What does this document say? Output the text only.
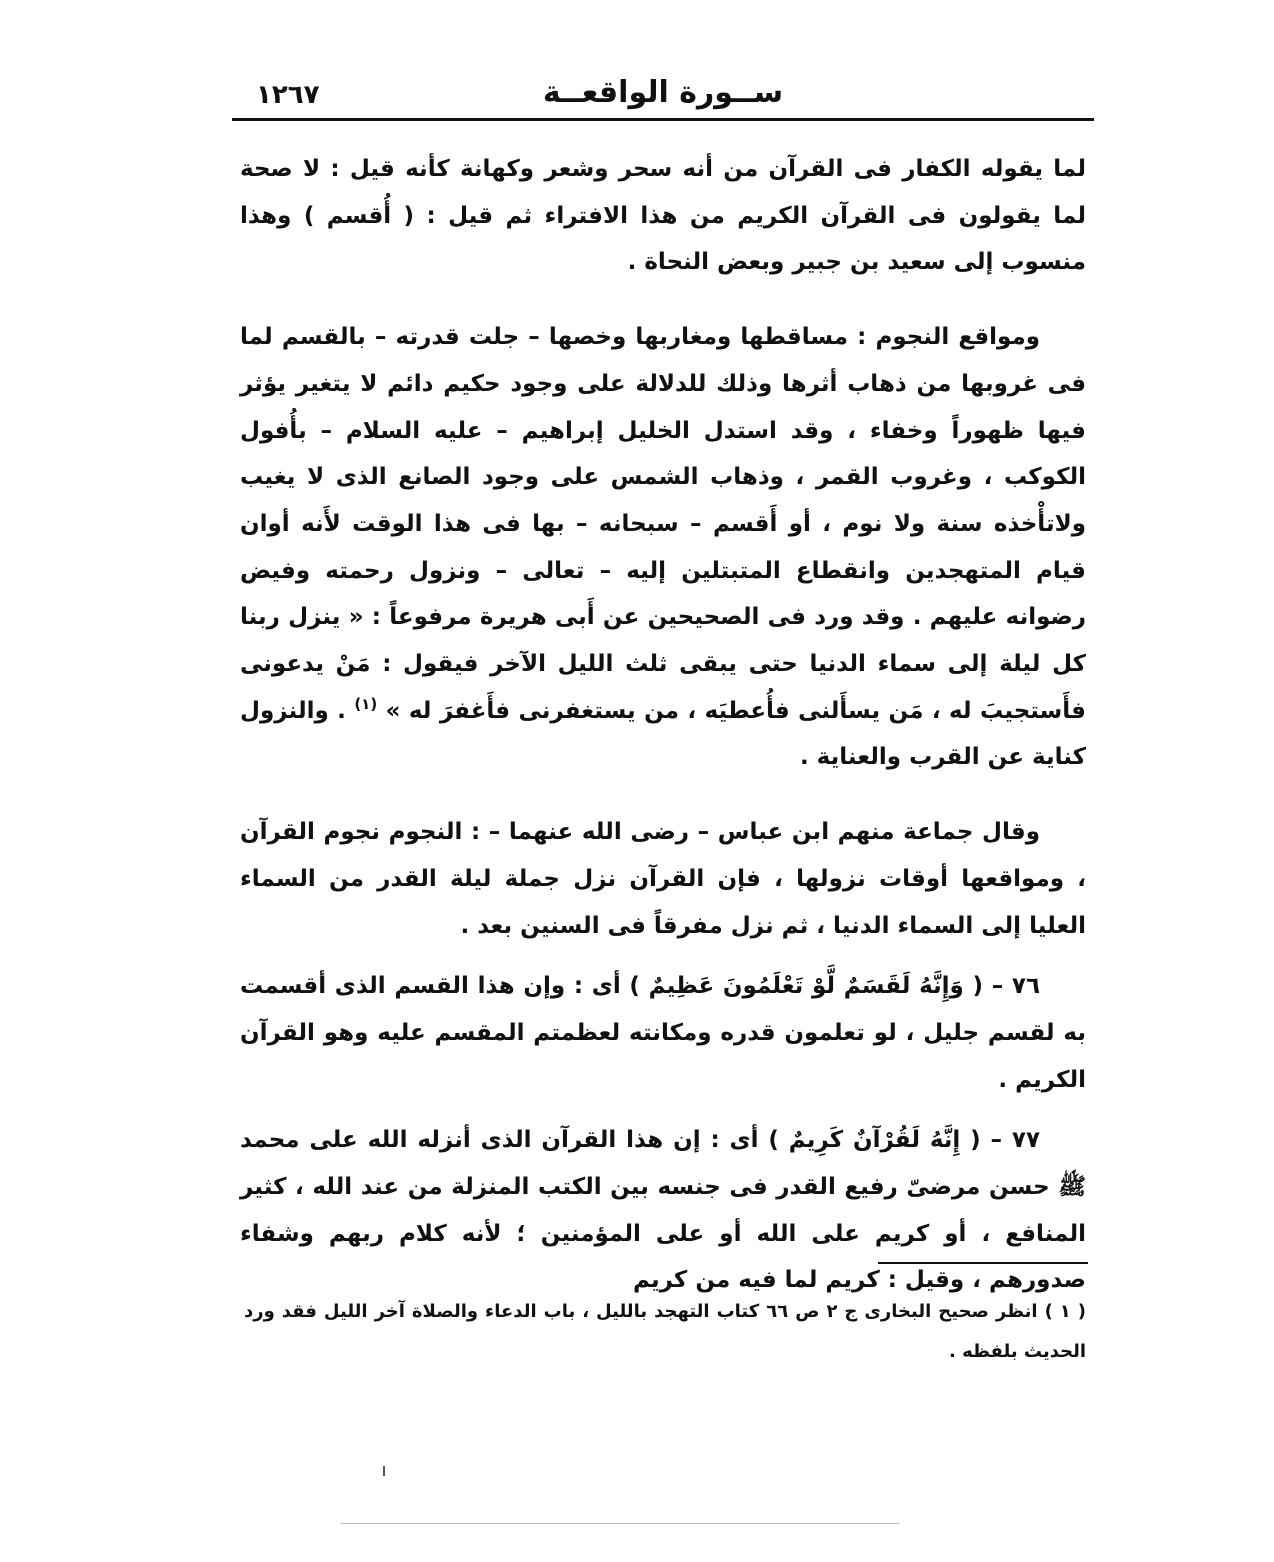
ســورة الواقعــة
١٢٦٧

لما يقوله الكفار فى القرآن من أنه سحر وشعر وكهانة كأنه قيل : لا صحة لما يقولون فى القرآن الكريم من هذا الافتراء ثم قيل : ( أُقسم ) وهذا منسوب إلى سعيد بن جبير وبعض النحاة .

ومواقع النجوم : مساقطها ومغاربها وخصها – جلت قدرته – بالقسم لما فى غروبها من ذهاب أثرها وذلك للدلالة على وجود حكيم دائم لا يتغير يؤثر فيها ظهوراً وخفاء ، وقد استدل الخليل إبراهيم – عليه السلام – بأُفول الكوكب ، وغروب القمر ، وذهاب الشمس على وجود الصانع الذى لا يغيب ولاتأْخذه سنة ولا نوم ، أو أَقسم – سبحانه – بها فى هذا الوقت لأَنه أوان قيام المتهجدين وانقطاع المتبتلين إليه – تعالى – ونزول رحمته وفيض رضوانه عليهم . وقد ورد فى الصحيحين عن أَبى هريرة مرفوعاً : « ينزل ربنا كل ليلة إلى سماء الدنيا حتى يبقى ثلث الليل الآخر فيقول : مَنْ يدعونى فأَستجيبَ له ، مَن يسأَلنى فأُعطيَه ، من يستغفرنى فأَغفرَ له » $^{(١)}$ . والنزول كناية عن القرب والعناية .

وقال جماعة منهم ابن عباس – رضى الله عنهما – : النجوم نجوم القرآن ، ومواقعها أوقات نزولها ، فإن القرآن نزل جملة ليلة القدر من السماء العليا إلى السماء الدنيا ، ثم نزل مفرقاً فى السنين بعد .

٧٦ – ( وَإِنَّهُ لَقَسَمٌ لَّوْ تَعْلَمُونَ عَظِيمٌ ) أى : وإن هذا القسم الذى أقسمت به لقسم جليل ، لو تعلمون قدره ومكانته لعظمتم المقسم عليه وهو القرآن الكريم .

٧٧ – ( إِنَّهُ لَقُرْآنٌ كَرِيمٌ ) أى : إن هذا القرآن الذى أنزله الله على محمد ﷺ حسن مرضىّ رفيع القدر فى جنسه بين الكتب المنزلة من عند الله ، كثير المنافع ، أو كريم على الله أو على المؤمنين ؛ لأنه كلام ربهم وشفاء صدورهم ، وقيل : كريم لما فيه من كريم

( ١ ) انظر صحيح البخارى ج ٢ ص ٦٦ كتاب التهجد بالليل ، باب الدعاء والصلاة آخر الليل فقد ورد الحديث بلفظه .
